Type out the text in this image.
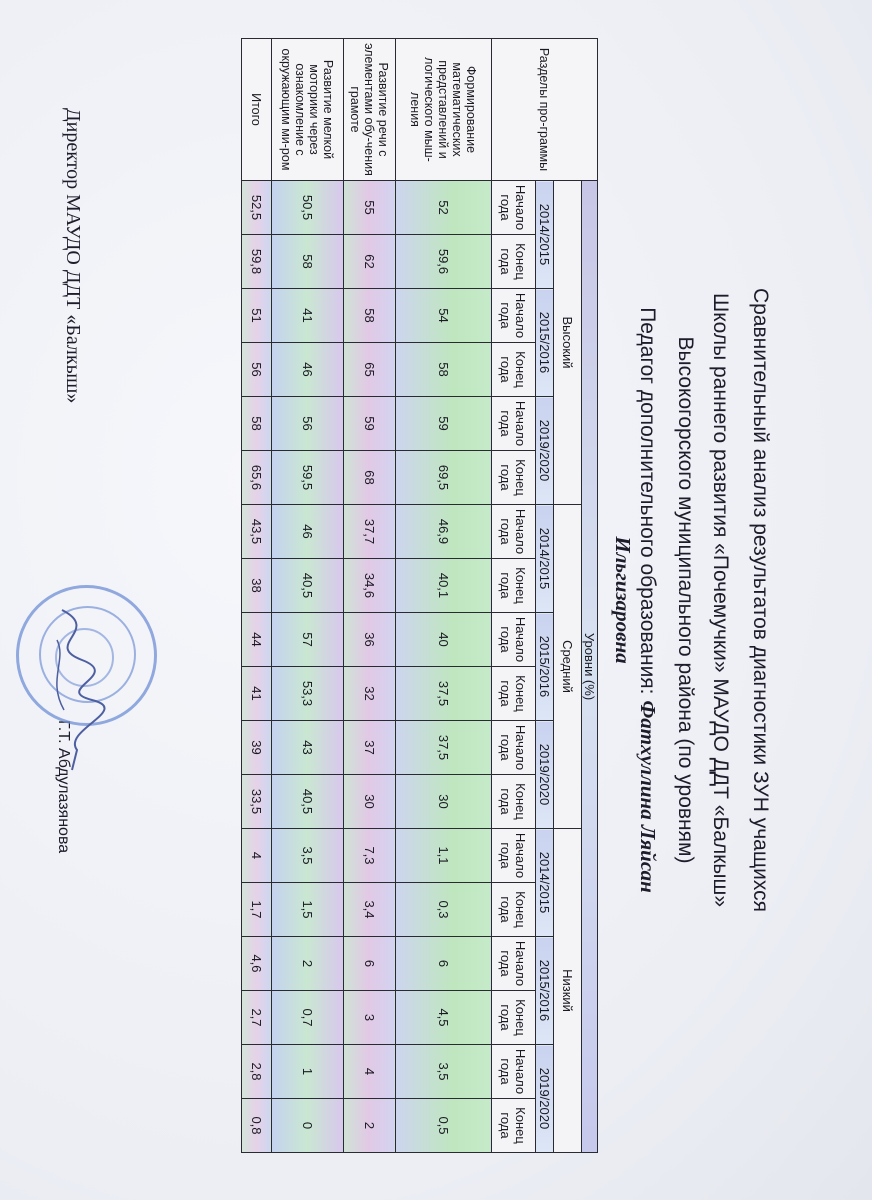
Сравнительный анализ результатов диагностики ЗУН учащихся
Школы раннего развития «Почемучки» МАУДО ДДТ «Балкыш»
Высокогорского муниципального района (по уровням)
Педагог дополнительного образования: Фатхуллина Ляйсан Ильгизаровна
Разделы про-граммы	Уровни (%)																	
	Высокий						Средний						Низкий					
	2014/2015		2015/2016		2019/2020		2014/2015		2015/2016		2019/2020		2014/2015		2015/2016		2019/2020	
	Начало года	Конец года	Начало года	Конец года	Начало года	Конец года	Начало года	Конец года	Начало года	Конец года	Начало года	Конец года	Начало года	Конец года	Начало года	Конец года	Начало года	Конец года
Формирование математических представлений и логического мыш-ления	52	59,6	54	58	59	69,5	46,9	40,1	40	37,5	37,5	30	1,1	0,3	6	4,5	3,5	0,5
Развитие речи с элементами обу-чения грамоте	55	62	58	65	59	68	37,7	34,6	36	32	37	30	7,3	3,4	6	3	4	2
Развитие мелкой моторики через ознакомление с окружающим ми-ром	50,5	58	41	46	56	59,5	46	40,5	57	53,3	43	40,5	3,5	1,5	2	0,7	1	0
Итого	52,5	59,8	51	56	58	65,6	43,5	38	44	41	39	33,5	4	1,7	4,6	2,7	2,8	0,8
Директор МАУДО ДДТ «Балкыш»
Г.Т. Абдулазянова
